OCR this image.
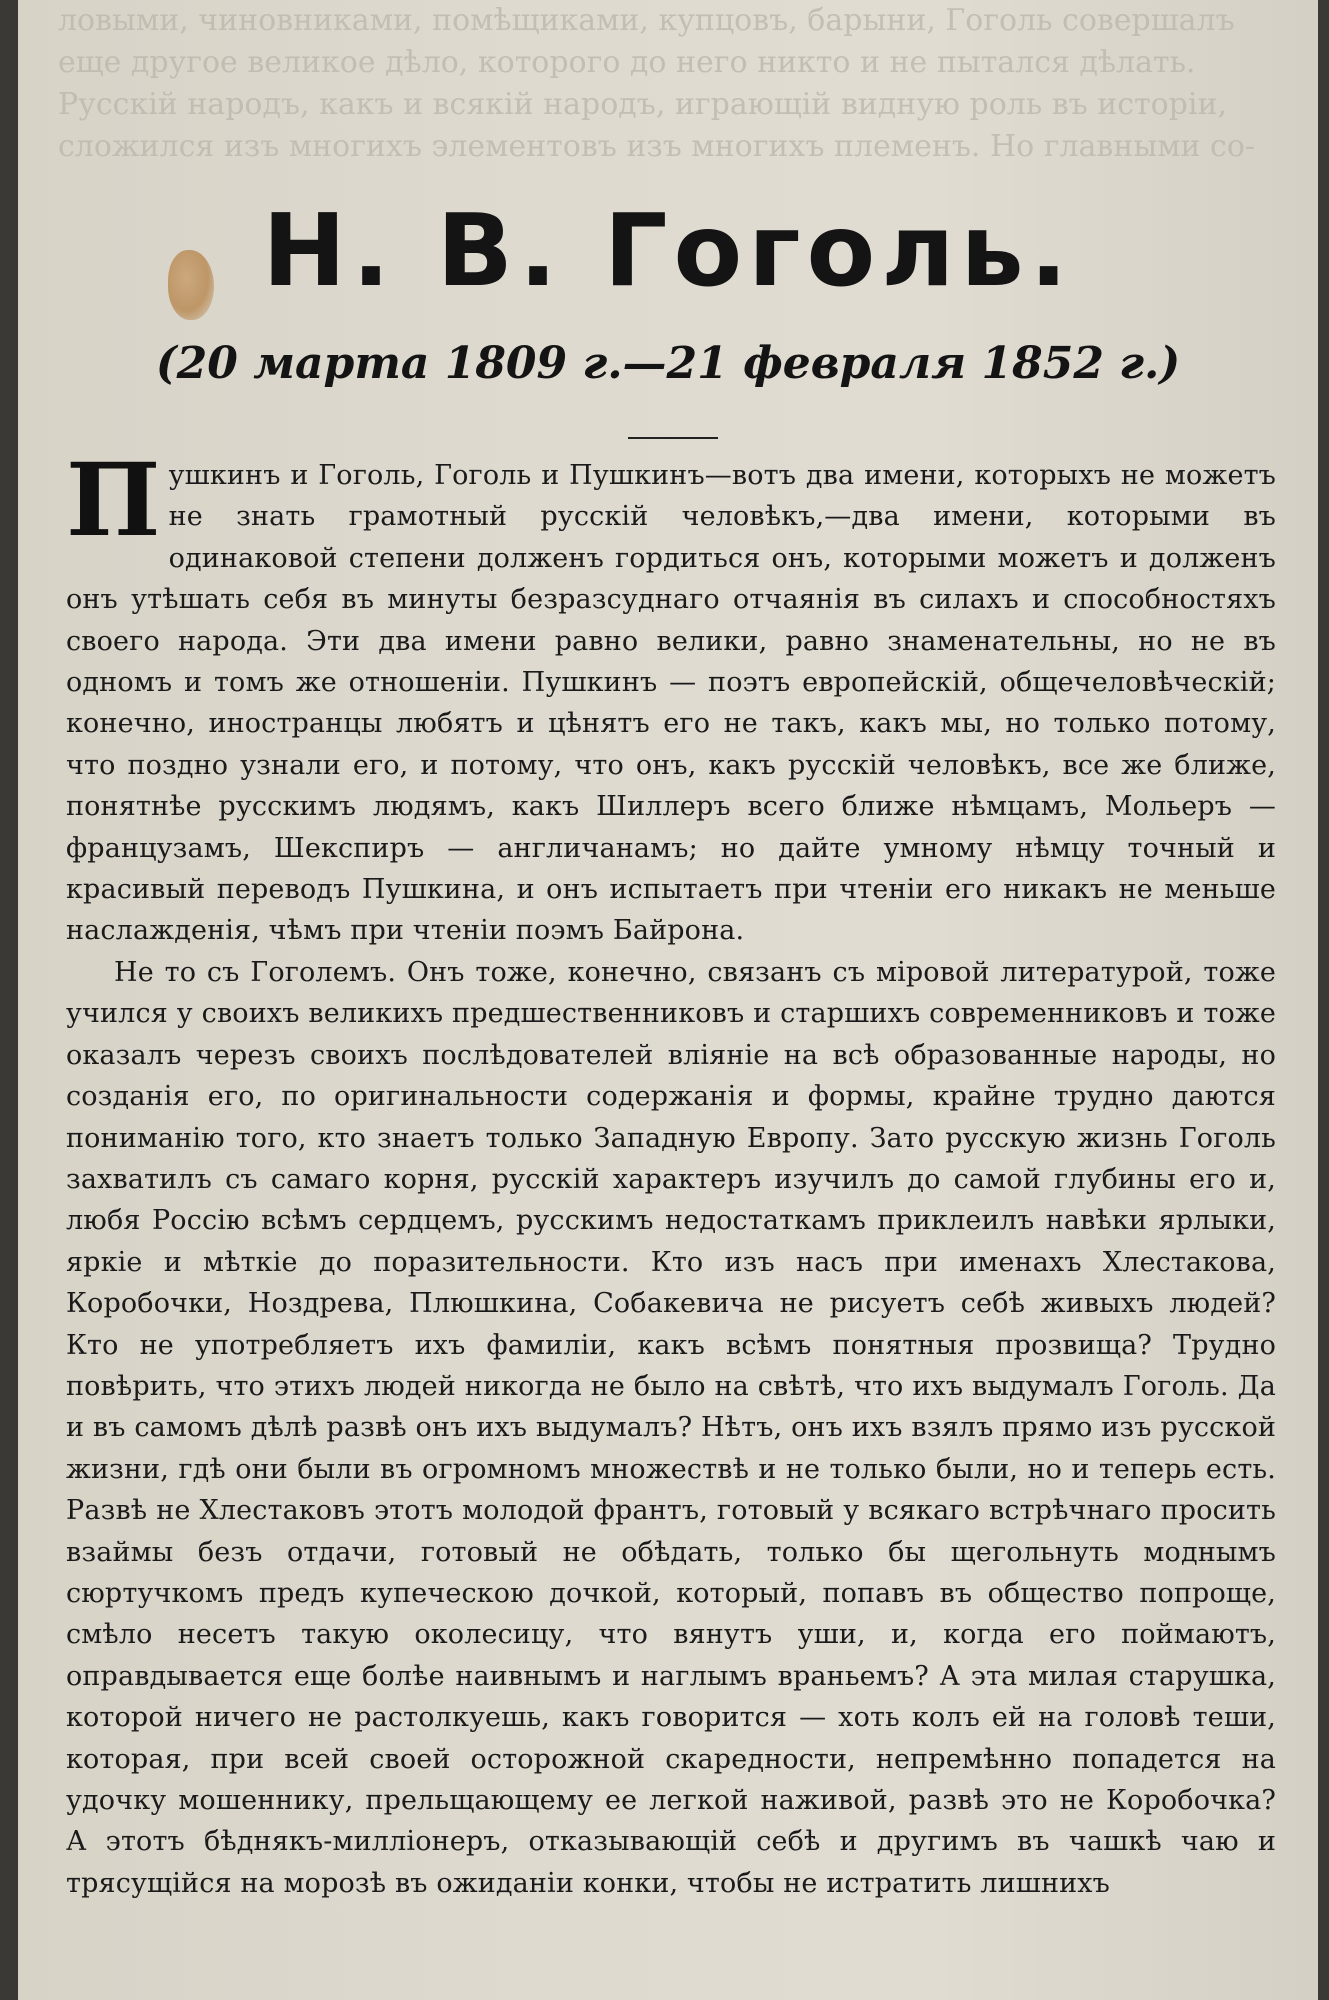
ловыми, чиновниками, помѣщиками, купцовъ, барыни, Гоголь совершалъ

еще другое великое дѣло, которого до него никто и не пытался дѣлать.

Русскій народъ, какъ и всякій народъ, играющій видную роль въ исторіи,

сложился изъ многихъ элементовъ изъ многихъ племенъ. Но главными со-

Н. В. Гоголь.
(20 марта 1809 г.—21 февраля 1852 г.)

Пушкинъ и Гоголь, Гоголь и Пушкинъ—вотъ два имени, которыхъ не можетъ не знать грамотный русскій человѣкъ,—два имени, которыми въ одинаковой степени долженъ гордиться онъ, которыми можетъ и долженъ онъ утѣшать себя въ минуты безразсуднаго отчаянія въ силахъ и способностяхъ своего народа. Эти два имени равно велики, равно знаменательны, но не въ одномъ и томъ же отношеніи. Пушкинъ — поэтъ европейскій, общечеловѣческій; конечно, иностранцы любятъ и цѣнятъ его не такъ, какъ мы, но только потому, что поздно узнали его, и потому, что онъ, какъ русскій человѣкъ, все же ближе, понятнѣе русскимъ людямъ, какъ Шиллеръ всего ближе нѣмцамъ, Мольеръ — французамъ, Шекспиръ — англичанамъ; но дайте умному нѣмцу точный и красивый переводъ Пушкина, и онъ испытаетъ при чтеніи его никакъ не меньше наслажденія, чѣмъ при чтеніи поэмъ Байрона.

Не то съ Гоголемъ. Онъ тоже, конечно, связанъ съ міровой литературой, тоже учился у своихъ великихъ предшественниковъ и старшихъ современниковъ и тоже оказалъ черезъ своихъ послѣдователей вліяніе на всѣ образованные народы, но созданія его, по оригинальности содержанія и формы, крайне трудно даются пониманію того, кто знаетъ только Западную Европу. Зато русскую жизнь Гоголь захватилъ съ самаго корня, русскій характеръ изучилъ до самой глубины его и, любя Россію всѣмъ сердцемъ, русскимъ недостаткамъ приклеилъ навѣки ярлыки, яркіе и мѣткіе до поразительности. Кто изъ насъ при именахъ Хлестакова, Коробочки, Ноздрева, Плюшкина, Собакевича не рисуетъ себѣ живыхъ людей? Кто не употребляетъ ихъ фамиліи, какъ всѣмъ понятныя прозвища? Трудно повѣрить, что этихъ людей никогда не было на свѣтѣ, что ихъ выдумалъ Гоголь. Да и въ самомъ дѣлѣ развѣ онъ ихъ выдумалъ? Нѣтъ, онъ ихъ взялъ прямо изъ русской жизни, гдѣ они были въ огромномъ множествѣ и не только были, но и теперь есть. Развѣ не Хлестаковъ этотъ молодой франтъ, готовый у всякаго встрѣчнаго просить взаймы безъ отдачи, готовый не обѣдать, только бы щегольнуть моднымъ сюртучкомъ предъ купеческою дочкой, который, попавъ въ общество попроще, смѣло несетъ такую околесицу, что вянутъ уши, и, когда его поймаютъ, оправдывается еще болѣе наивнымъ и наглымъ враньемъ? А эта милая старушка, которой ничего не растолкуешь, какъ говорится — хоть колъ ей на головѣ теши, которая, при всей своей осторожной скаредности, непремѣнно попадется на удочку мошеннику, прельщающему ее легкой наживой, развѣ это не Коробочка? А этотъ бѣднякъ-милліонеръ, отказывающій себѣ и другимъ въ чашкѣ чаю и трясущійся на морозѣ въ ожиданіи конки, чтобы не истратить лишнихъ
